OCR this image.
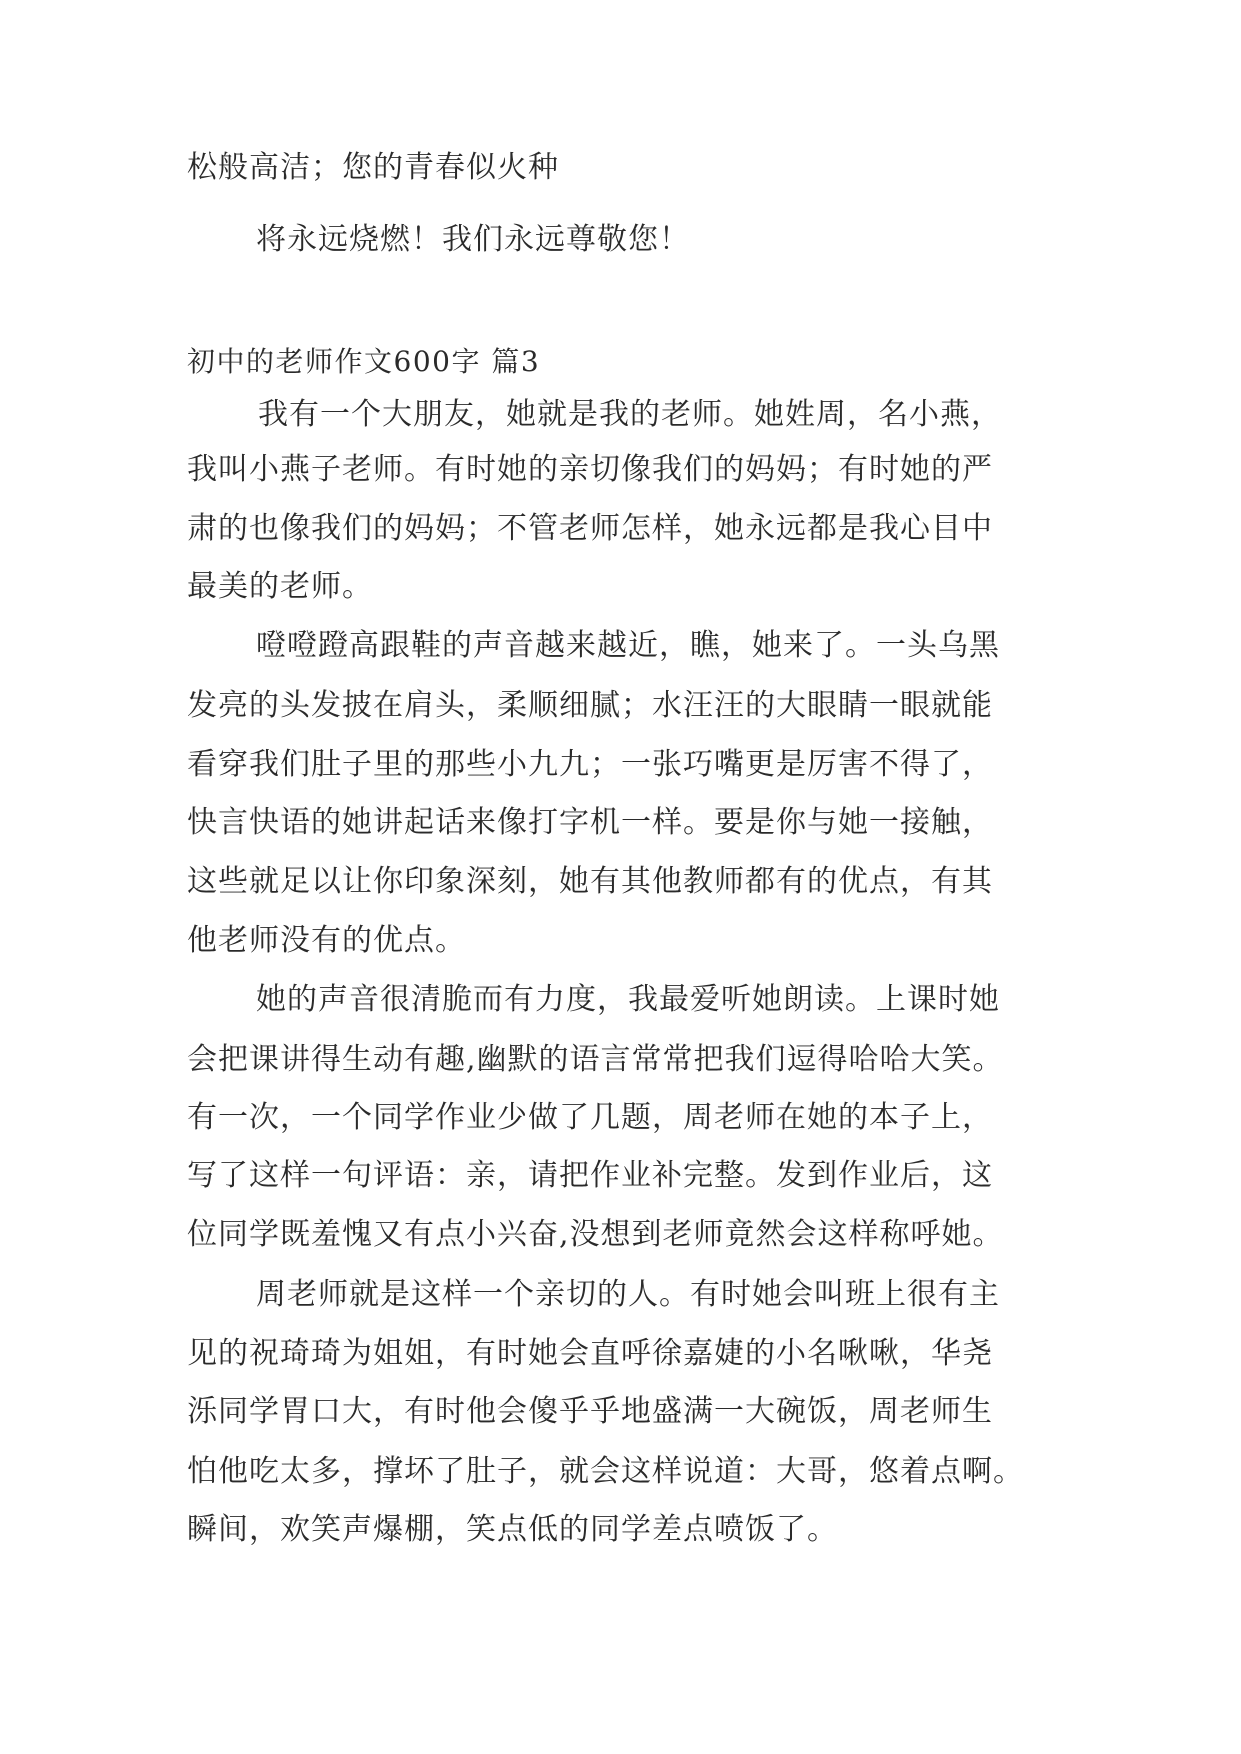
松般高洁；您的青春似火种
将永远烧燃！我们永远尊敬您！
初中的老师作文600字 篇3
我有一个大朋友，她就是我的老师。她姓周，名小燕，
我叫小燕子老师。有时她的亲切像我们的妈妈；有时她的严
肃的也像我们的妈妈；不管老师怎样，她永远都是我心目中
最美的老师。
噔噔蹬高跟鞋的声音越来越近，瞧，她来了。一头乌黑
发亮的头发披在肩头，柔顺细腻；水汪汪的大眼睛一眼就能
看穿我们肚子里的那些小九九；一张巧嘴更是厉害不得了，
快言快语的她讲起话来像打字机一样。要是你与她一接触，
这些就足以让你印象深刻，她有其他教师都有的优点，有其
他老师没有的优点。
她的声音很清脆而有力度，我最爱听她朗读。上课时她
会把课讲得生动有趣,幽默的语言常常把我们逗得哈哈大笑。
有一次，一个同学作业少做了几题，周老师在她的本子上，
写了这样一句评语：亲，请把作业补完整。发到作业后，这
位同学既羞愧又有点小兴奋,没想到老师竟然会这样称呼她。
周老师就是这样一个亲切的人。有时她会叫班上很有主
见的祝琦琦为姐姐，有时她会直呼徐嘉婕的小名啾啾，华尧
泺同学胃口大，有时他会傻乎乎地盛满一大碗饭，周老师生
怕他吃太多，撑坏了肚子，就会这样说道：大哥，悠着点啊。
瞬间，欢笑声爆棚，笑点低的同学差点喷饭了。
